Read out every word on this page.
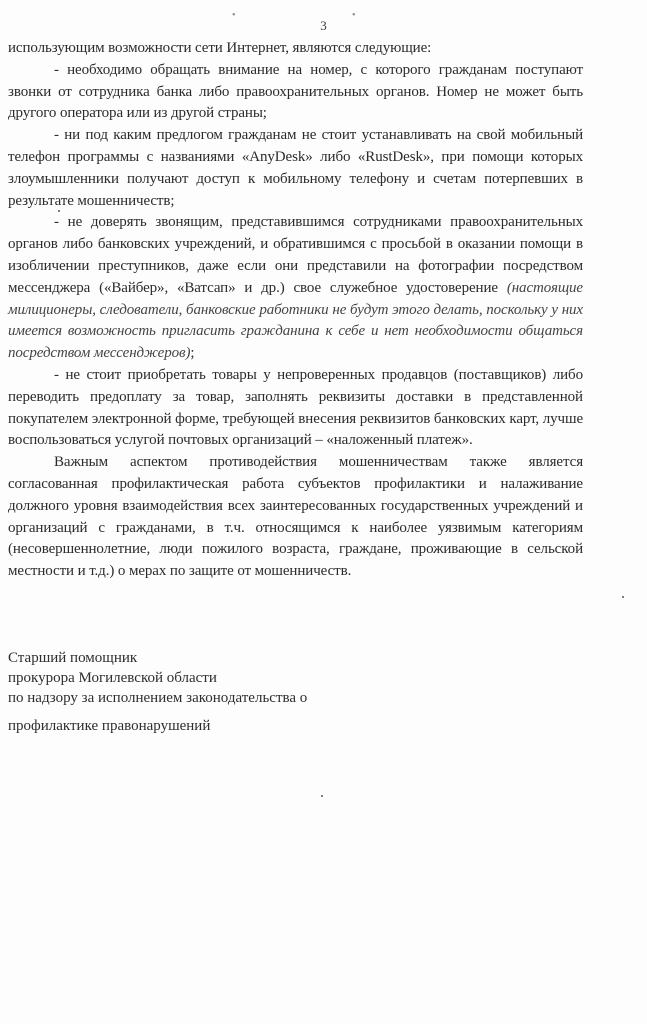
•	•
3

использующим возможности сети Интернет, являются следующие:

- необходимо обращать внимание на номер, с которого гражданам поступают звонки от сотрудника банка либо правоохранительных органов. Номер не может быть другого оператора или из другой страны;

- ни под каким предлогом гражданам не стоит устанавливать на свой мобильный телефон программы с названиями «AnyDesk» либо «RustDesk», при помощи которых злоумышленники получают доступ к мобильному телефону и счетам потерпевших в результате мошенничеств;

- не доверять звонящим, представившимся сотрудниками правоохранительных органов либо банковских учреждений, и обратившимся с просьбой в оказании помощи в изобличении преступников, даже если они представили на фотографии посредством мессенджера («Вайбер», «Ватсап» и др.) свое служебное удостоверение (настоящие милиционеры, следователи, банковские работники не будут этого делать, поскольку у них имеется возможность пригласить гражданина к себе и нет необходимости общаться посредством мессенджеров);

- не стоит приобретать товары у непроверенных продавцов (поставщиков) либо переводить предоплату за товар, заполнять реквизиты доставки в представленной покупателем электронной форме, требующей внесения реквизитов банковских карт, лучше воспользоваться услугой почтовых организаций – «наложенный платеж».

Важным аспектом противодействия мошенничествам также является согласованная профилактическая работа субъектов профилактики и налаживание должного уровня взаимодействия всех заинтересованных государственных учреждений и организаций с гражданами, в т.ч. относящимся к наиболее уязвимым категориям (несовершеннолетние, люди пожилого возраста, граждане, проживающие в сельской местности и т.д.) о мерах по защите от мошенничеств.

Старший помощник
прокурора Могилевской области
по надзору за исполнением законодательства о
профилактике правонарушений
